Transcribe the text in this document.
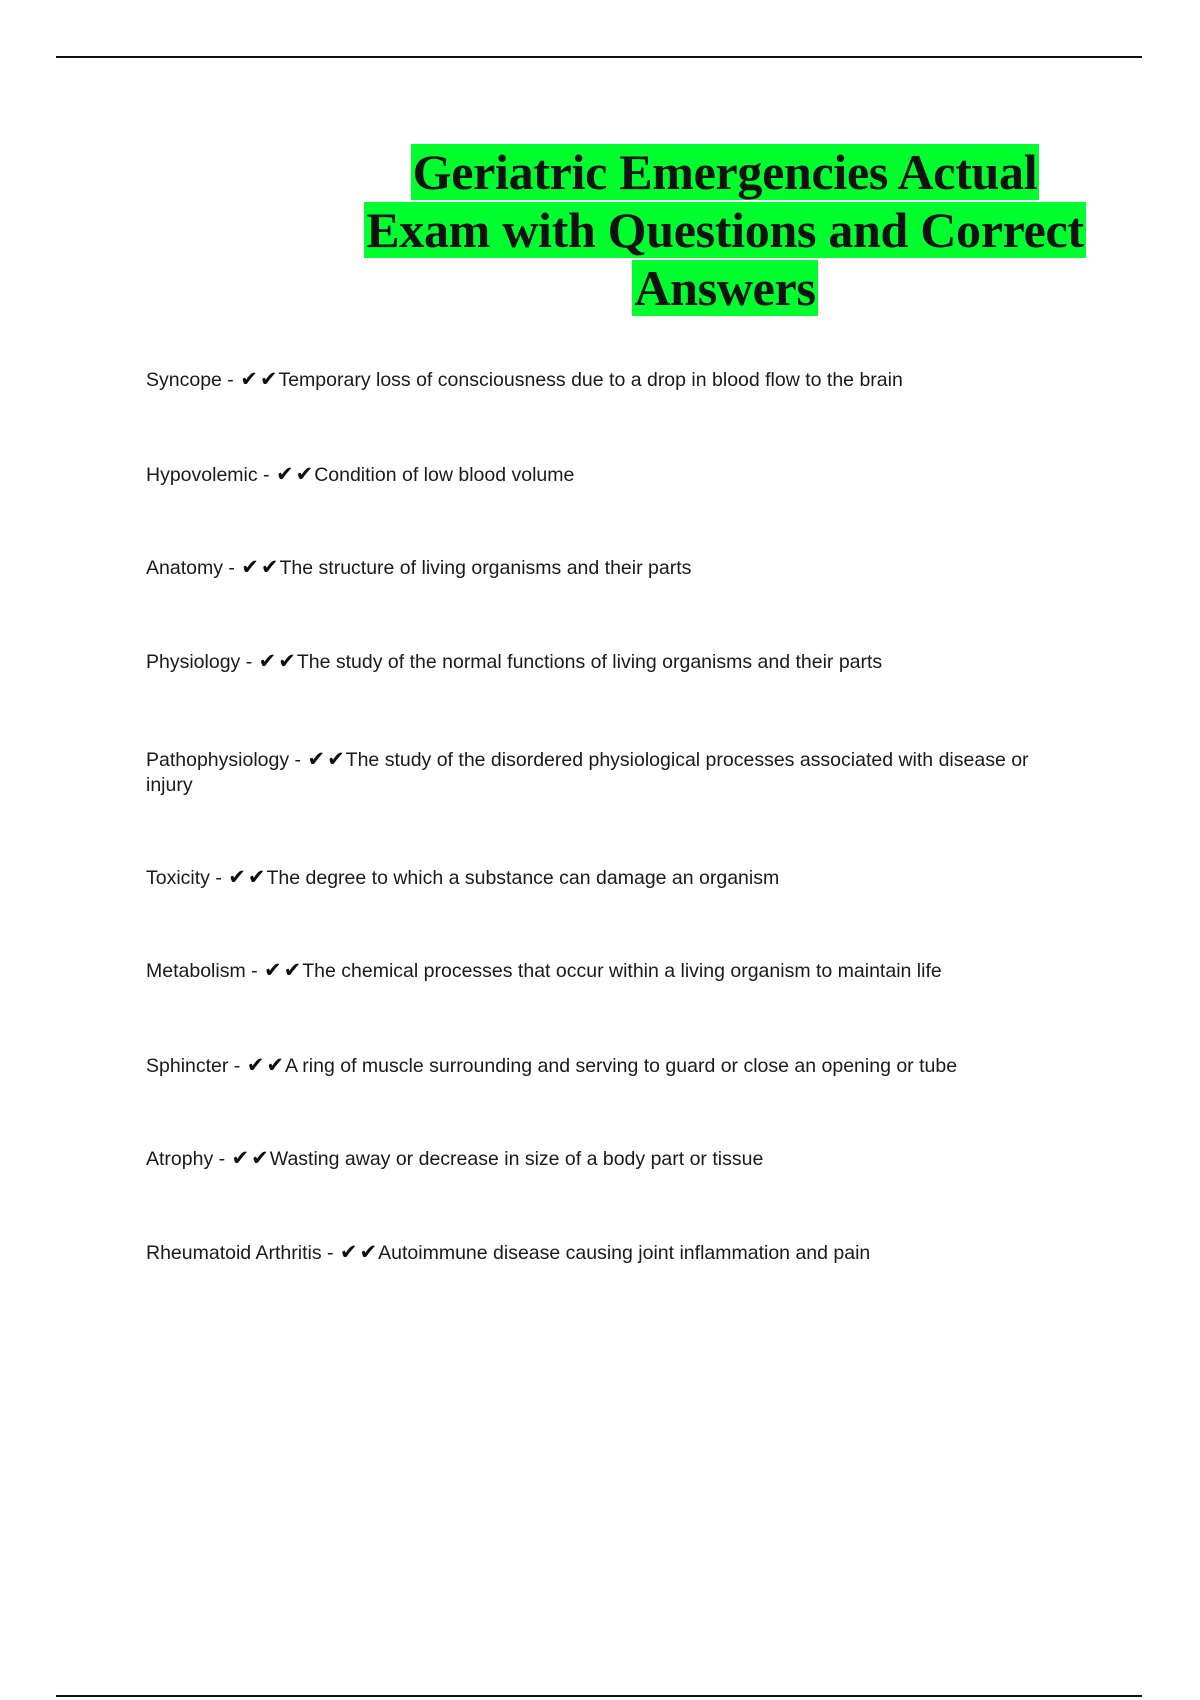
Geriatric Emergencies Actual
Exam with Questions and Correct
Answers
Syncope - ✔✔Temporary loss of consciousness due to a drop in blood flow to the brain
Hypovolemic - ✔✔Condition of low blood volume
Anatomy - ✔✔The structure of living organisms and their parts
Physiology - ✔✔The study of the normal functions of living organisms and their parts
Pathophysiology - ✔✔The study of the disordered physiological processes associated with disease or injury
Toxicity - ✔✔The degree to which a substance can damage an organism
Metabolism - ✔✔The chemical processes that occur within a living organism to maintain life
Sphincter - ✔✔A ring of muscle surrounding and serving to guard or close an opening or tube
Atrophy - ✔✔Wasting away or decrease in size of a body part or tissue
Rheumatoid Arthritis - ✔✔Autoimmune disease causing joint inflammation and pain
